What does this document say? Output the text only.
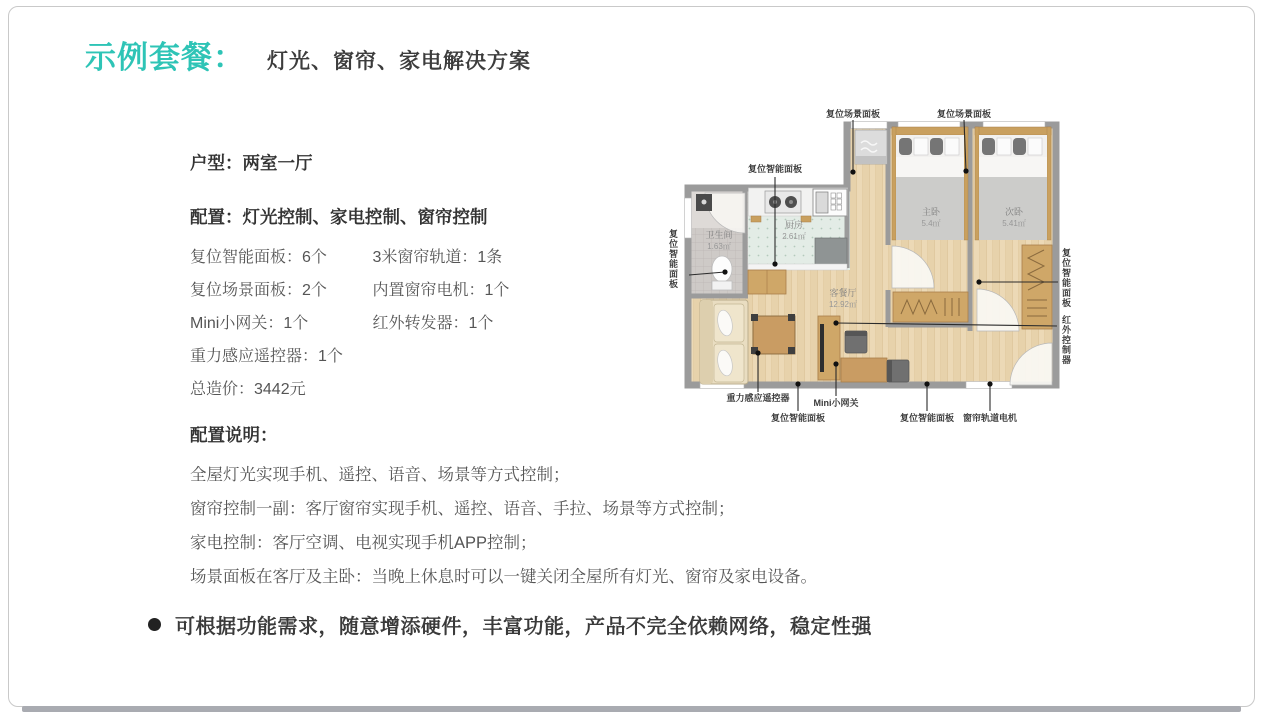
示例套餐： 灯光、窗帘、家电解决方案
户型：两室一厅
配置：灯光控制、家电控制、窗帘控制
复位智能面板：6个	3米窗帘轨道：1条
复位场景面板：2个	内置窗帘电机：1个
Mini小网关：1个	红外转发器：1个
重力感应遥控器：1个
总造价：3442元
配置说明：
全屋灯光实现手机、遥控、语音、场景等方式控制；
窗帘控制一副：客厅窗帘实现手机、遥控、语音、手拉、场景等方式控制；
家电控制：客厅空调、电视实现手机APP控制；
场景面板在客厅及主卧：当晚上休息时可以一键关闭全屋所有灯光、窗帘及家电设备。
可根据功能需求，随意增添硬件，丰富功能，产品不完全依赖网络，稳定性强
卫生间
1.63㎡
厨房
2.61㎡
客餐厅
12.92㎡
主卧
5.4㎡
次卧
5.41㎡
复位场景面板	复位场景面板
复位智能面板
复位智能面板	复位智能面板
红外控制器
重力感应遥控器	Mini小网关
复位智能面板	复位智能面板 窗帘轨道电机
